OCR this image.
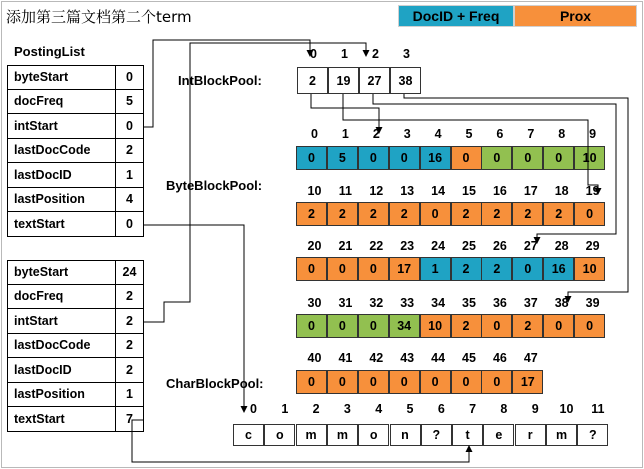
添加第三篇文档第二个term	DocID + Freq	Prox
PostingList
IntBlockPool:
ByteBlockPool:
CharBlockPool:
byteStart	0
docFreq	5
intStart	0
lastDocCode	2
lastDocID	1
lastPosition	4
textStart	0
byteStart	24
docFreq	2
intStart	2
lastDocCode	2
lastDocID	2
lastPosition	1
textStart	7
0	1	2	3
2	19	27	38
0	1	2	3	4	5	6	7	8	9
0	5	0	0	16	0	0	0	0	10
10	11	12	13	14	15	16	17	18	19
2	2	2	2	0	2	2	2	2	0
20	21	22	23	24	25	26	27	28	29
0	0	0	17	1	2	2	0	16	10
30	31	32	33	34	35	36	37	38	39
0	0	0	34	10	2	0	2	0	0
40	41	42	43	44	45	46	47
0	0	0	0	0	0	0	17
0	1	2	3	4	5	6	7	8	9	10	11
c	o	m	m	o	n	?	t	e	r	m	?
